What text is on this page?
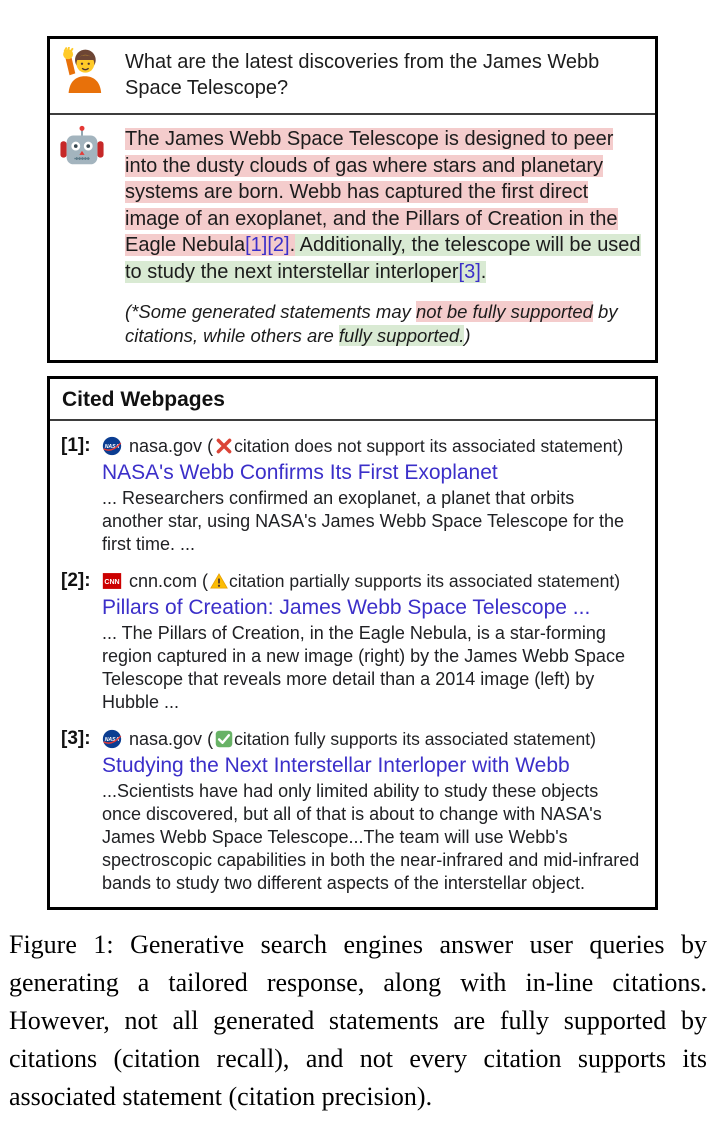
What are the latest discoveries from the James Webb Space Telescope?
The James Webb Space Telescope is designed to peer into the dusty clouds of gas where stars and planetary systems are born. Webb has captured the first direct image of an exoplanet, and the Pillars of Creation in the Eagle Nebula[1][2]. Additionally, the telescope will be used to study the next interstellar interloper[3].
(*Some generated statements may not be fully supported by citations, while others are fully supported.)
Cited Webpages
[1]: NASA nasa.gov ( citation does not support its associated statement)
NASA's Webb Confirms Its First Exoplanet
... Researchers confirmed an exoplanet, a planet that orbits another star, using NASA's James Webb Space Telescope for the first time. ...
[2]: CNN cnn.com ( citation partially supports its associated statement)
Pillars of Creation: James Webb Space Telescope ...
... The Pillars of Creation, in the Eagle Nebula, is a star-forming region captured in a new image (right) by the James Webb Space Telescope that reveals more detail than a 2014 image (left) by Hubble ...
[3]: NASA nasa.gov ( citation fully supports its associated statement)
Studying the Next Interstellar Interloper with Webb
...Scientists have had only limited ability to study these objects once discovered, but all of that is about to change with NASA's James Webb Space Telescope...The team will use Webb's spectroscopic capabilities in both the near-infrared and mid-infrared bands to study two different aspects of the interstellar object.
Figure 1: Generative search engines answer user queries by generating a tailored response, along with in-line citations. However, not all generated statements are fully supported by citations (citation recall), and not every citation supports its associated statement (citation precision).
